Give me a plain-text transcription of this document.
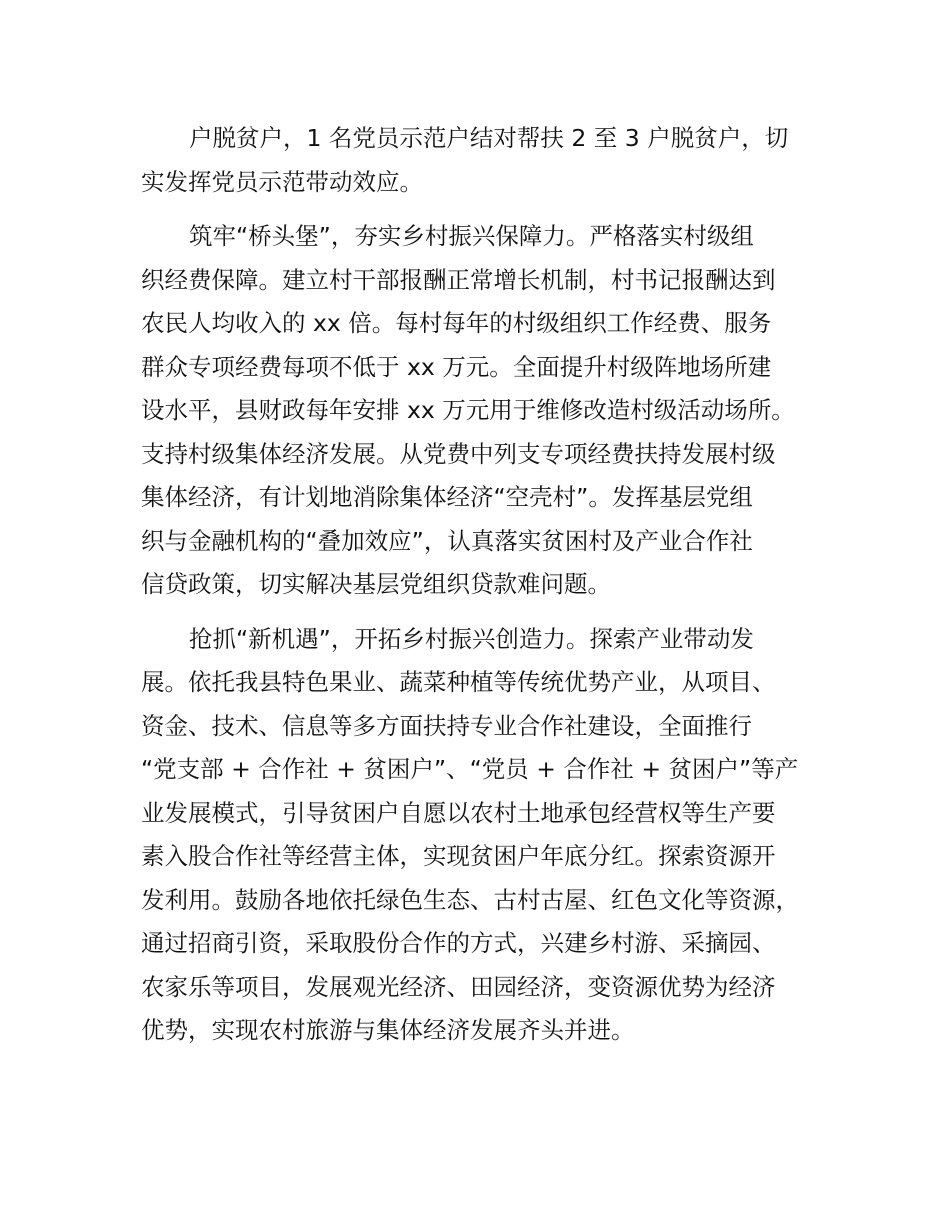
户脱贫户，1 名党员示范户结对帮扶 2 至 3 户脱贫户，切
实发挥党员示范带动效应。

筑牢“桥头堡”，夯实乡村振兴保障力。严格落实村级组
织经费保障。建立村干部报酬正常增长机制，村书记报酬达到
农民人均收入的 xx 倍。每村每年的村级组织工作经费、服务
群众专项经费每项不低于 xx 万元。全面提升村级阵地场所建
设水平，县财政每年安排 xx 万元用于维修改造村级活动场所。
支持村级集体经济发展。从党费中列支专项经费扶持发展村级
集体经济，有计划地消除集体经济“空壳村”。发挥基层党组
织与金融机构的“叠加效应”，认真落实贫困村及产业合作社
信贷政策，切实解决基层党组织贷款难问题。

抢抓“新机遇”，开拓乡村振兴创造力。探索产业带动发
展。依托我县特色果业、蔬菜种植等传统优势产业，从项目、
资金、技术、信息等多方面扶持专业合作社建设，全面推行
“党支部 + 合作社 + 贫困户”、“党员 + 合作社 + 贫困户”等产
业发展模式，引导贫困户自愿以农村土地承包经营权等生产要
素入股合作社等经营主体，实现贫困户年底分红。探索资源开
发利用。鼓励各地依托绿色生态、古村古屋、红色文化等资源，
通过招商引资，采取股份合作的方式，兴建乡村游、采摘园、
农家乐等项目，发展观光经济、田园经济，变资源优势为经济
优势，实现农村旅游与集体经济发展齐头并进。
